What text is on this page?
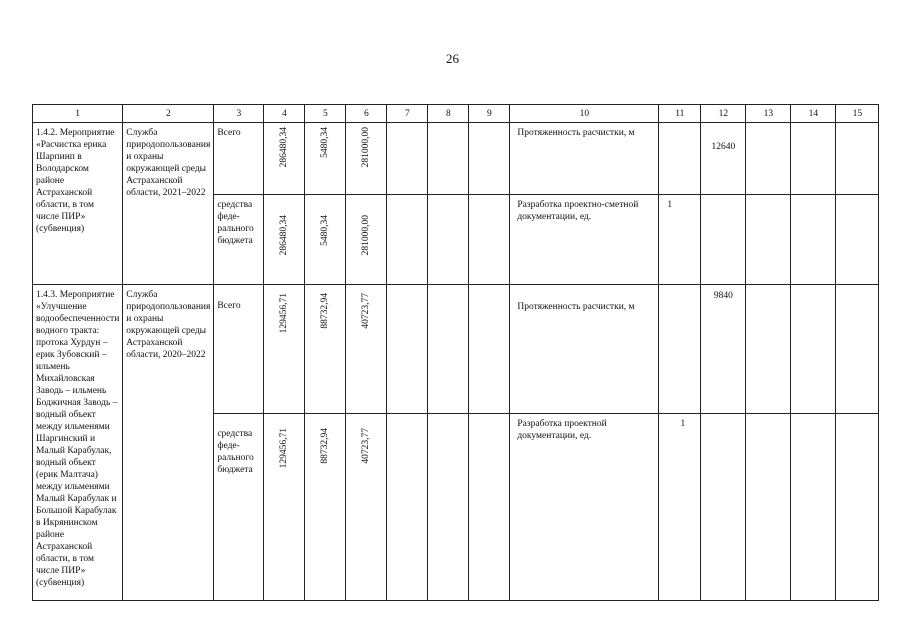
26
1	2	3	4	5	6	7	8	9	10	11	12	13	14	15

1.4.2. Мероприятие «Расчистка ерика Шарпинп в Володарском районе Астраханской области, в том числе ПИР» (субвенция)	Служба природопользования и охраны окружающей среды Астраханской области, 2021–2022	Всего	286480,34	5480,34	281000,00				Протяженность расчистки, м		12640			

		средства феде-рального бюджета	286480,34	5480,34	281000,00				Разработка проектно-сметной документации, ед.	1				

1.4.3. Мероприятие «Улучшение водообеспеченности водного тракта: протока Хурдун – ерик Зубовский – ильмень Михайловская Заводь – ильмень Боджичная Заводь – водный объект между ильменями Шаргинский и Малый Карабулак, водный объект (ерик Малтача) между ильменями Малый Карабулак и Большой Карабулак в Икрянинском районе Астраханской области, в том числе ПИР» (субвенция)	Служба природопользования и охраны окружающей среды Астраханской области, 2020–2022	Всего	129456,71	88732,94	40723,77				Протяженность расчистки, м		9840			

		средства феде-рального бюджета	129456,71	88732,94	40723,77				Разработка проектной документации, ед.	1				
